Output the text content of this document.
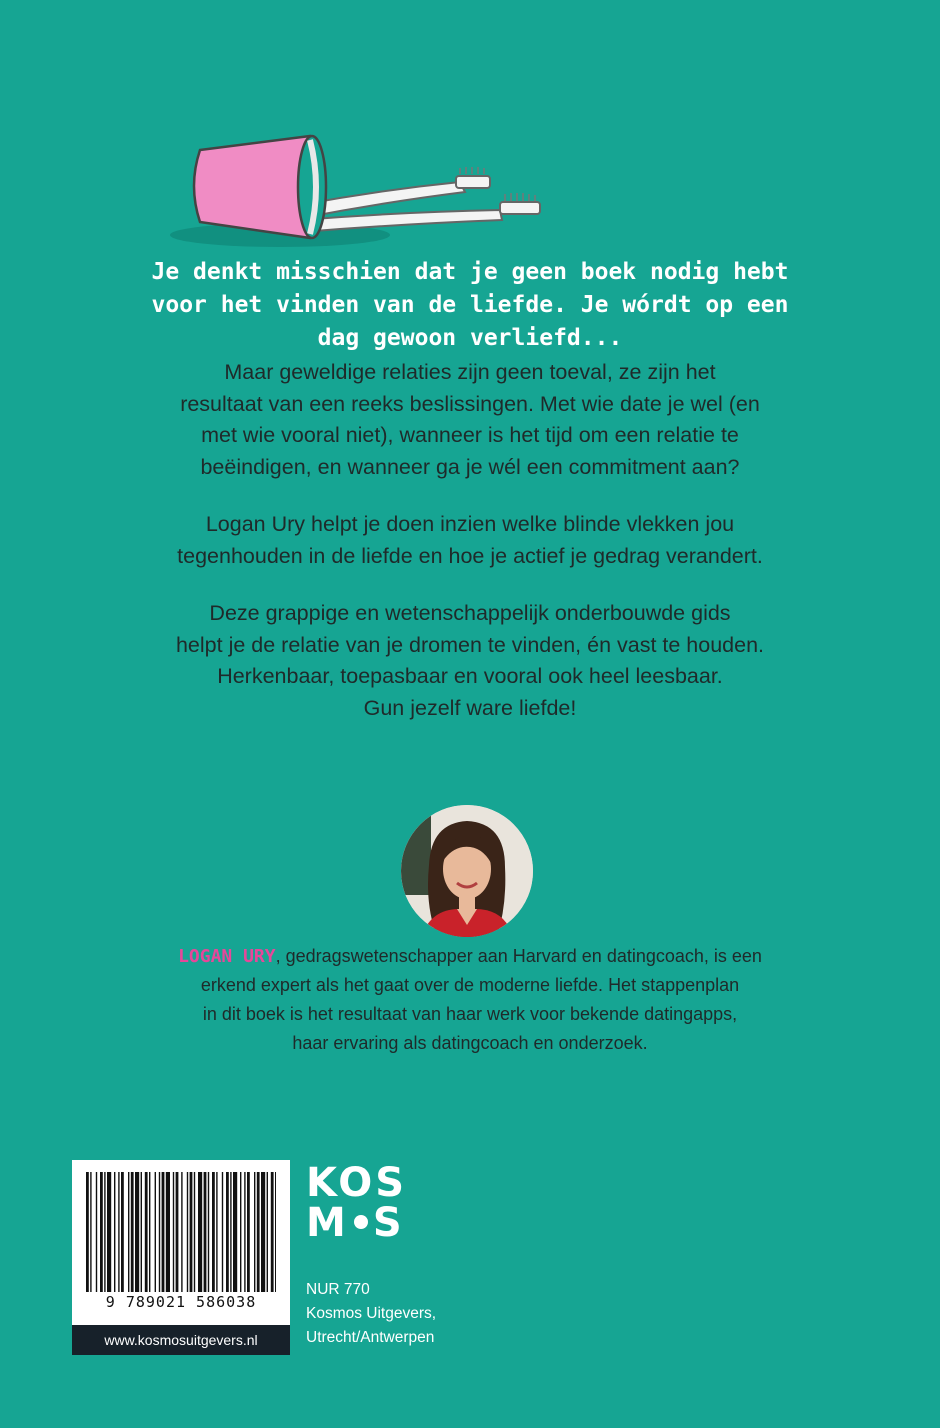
Je denkt misschien dat je geen boek nodig hebt

voor het vinden van de liefde. Je wórdt op een

dag gewoon verliefd...

Maar geweldige relaties zijn geen toeval, ze zijn het
resultaat van een reeks beslissingen. Met wie date je wel (en
met wie vooral niet), wanneer is het tijd om een relatie te
beëindigen, en wanneer ga je wél een commitment aan?

Logan Ury helpt je doen inzien welke blinde vlekken jou
tegenhouden in de liefde en hoe je actief je gedrag verandert.

Deze grappige en wetenschappelijk onderbouwde gids
helpt je de relatie van je dromen te vinden, én vast te houden.
Herkenbaar, toepasbaar en vooral ook heel leesbaar.
Gun jezelf ware liefde!

LOGAN URY, gedragswetenschapper aan Harvard en datingcoach, is een
erkend expert als het gaat over de moderne liefde. Het stappenplan
in dit boek is het resultaat van haar werk voor bekende datingapps,
haar ervaring als datingcoach en onderzoek.
9 789021 586038
www.kosmosuitgevers.nl
KOS
M S
NUR 770
Kosmos Uitgevers,
Utrecht/Antwerpen
